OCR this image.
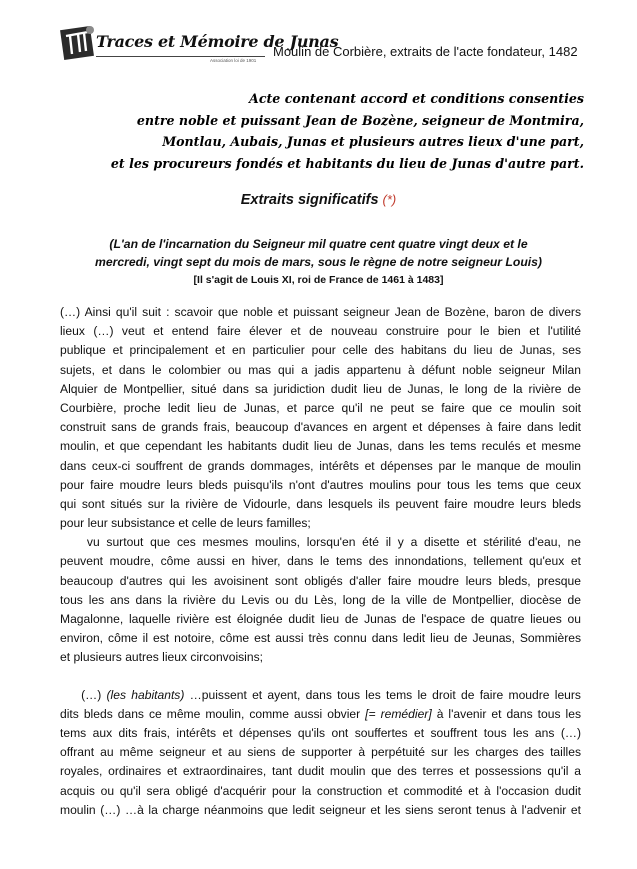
Traces et Mémoire de Junas
Association loi de 1901
Moulin de Corbière, extraits de l'acte fondateur, 1482
Acte contenant accord et conditions consenties
entre noble et puissant Jean de Bozène, seigneur de Montmira,
Montlau, Aubais, Junas et plusieurs autres lieux d'une part,
et les procureurs fondés et habitants du lieu de Junas d'autre part.
Extraits significatifs (*)
(L'an de l'incarnation du Seigneur mil quatre cent quatre vingt deux et le
mercredi, vingt sept du mois de mars, sous le règne de notre seigneur Louis)
[Il s'agit de Louis XI, roi de France de 1461 à 1483]
(…) Ainsi qu'il suit : scavoir que noble et puissant seigneur Jean de Bozène, baron de divers
lieux (…) veut et entend faire élever et de nouveau construire pour le bien et l'utilité
publique et principalement et en particulier pour celle des habitans du lieu de Junas, ses
sujets, et dans le colombier ou mas qui a jadis appartenu à défunt noble seigneur Milan
Alquier de Montpellier, situé dans sa juridiction dudit lieu de Junas, le long de la rivière de
Courbière, proche ledit lieu de Junas, et parce qu'il ne peut se faire que ce moulin soit
construit sans de grands frais, beaucoup d'avances en argent et dépenses à faire dans ledit
moulin, et que cependant les habitants dudit lieu de Junas, dans les tems reculés et mesme
dans ceux-ci souffrent de grands dommages, intérêts et dépenses par le manque de moulin
pour faire moudre leurs bleds puisqu'ils n'ont d'autres moulins pour tous les tems que ceux
qui sont situés sur la rivière de Vidourle, dans lesquels ils peuvent faire moudre leurs bleds
pour leur subsistance et celle de leurs familles;
vu surtout que ces mesmes moulins, lorsqu'en été il y a disette et stérilité d'eau, ne
peuvent moudre, côme aussi en hiver, dans le tems des innondations, tellement qu'eux et
beaucoup d'autres qui les avoisinent sont obligés d'aller faire moudre leurs bleds, presque
tous les ans dans la rivière du Levis ou du Lès, long de la ville de Montpellier, diocèse de
Magalonne, laquelle rivière est éloignée dudit lieu de Junas de l'espace de quatre lieues ou
environ, côme il est notoire, côme est aussi très connu dans ledit lieu de Jeunas, Sommières
et plusieurs autres lieux circonvoisins;
(…) (les habitants) …puissent et ayent, dans tous les tems le droit de faire moudre leurs
dits bleds dans ce même moulin, comme aussi obvier [= remédier] à l'avenir et dans tous les
tems aux dits frais, intérêts et dépenses qu'ils ont souffertes et souffrent tous les ans (…)
offrant au même seigneur et au siens de supporter à perpétuité sur les charges des tailles
royales, ordinaires et extraordinaires, tant dudit moulin que des terres et possessions qu'il a
acquis ou qu'il sera obligé d'acquérir pour la construction et commodité et à l'occasion dudit
moulin (…) …à la charge néanmoins que ledit seigneur et les siens seront tenus à l'advenir et
